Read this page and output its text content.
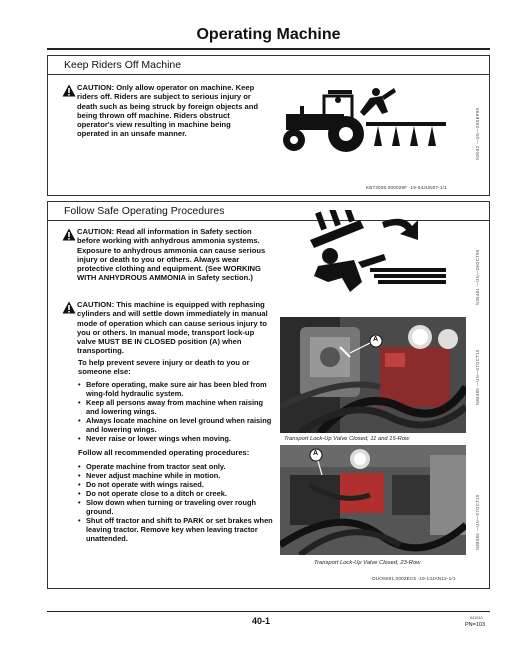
Operating Machine
Keep Riders Off Machine
CAUTION: Only allow operator on machine. Keep riders off. Riders are subject to serious injury or death such as being struck by foreign objects and being thrown off machine. Riders obstruct operator's view resulting in machine being operated in an unsafe manner.	N9032 —UN—28SEP90
KB73036,000028F -19-04JUN07-1/1
Follow Safe Operating Procedures
CAUTION: Read all information in Safety section before working with anhydrous ammonia systems. Exposure to anhydrous ammonia can cause serious injury or death to you or others. Always wear protective clothing and equipment. (See WORKING WITH ANHYDROUS AMMONIA in Safety section.)
CAUTION: This machine is equipped with rephasing cylinders and will settle down immediately in manual mode of operation which can cause serious injury to you or others. In manual mode, transport lock-up valve MUST BE IN CLOSED position (A) when transporting.
To help prevent severe injury or death to you or someone else:
• Before operating, make sure air has been bled from wing-fold hydraulic system.
• Keep all persons away from machine when raising and lowering wings.
• Always locate machine on level ground when raising and lowering wings.
• Never raise or lower wings when moving.
Follow all recommended operating procedures:
• Operate machine from tractor seat only.
• Never adjust machine while in motion.
• Do not operate with wings raised.
• Do not operate close to a ditch or creek.
• Slow down when turning or traveling over rough ground.
• Shut off tractor and shift to PARK or set brakes when leaving tractor. Remove key when leaving tractor unattended.
N36481 —UN—29OCT96
A
N88385 —UN—07OCT10
Transport Lock-Up Valve Closed, 11 and 15-Row
A
N88386 —UN—07OCT10
Transport Lock-Up Valve Closed, 23-Row
OUO6091,0002EC5 -19-13JAN12-1/1
40-1	041510
PN=103
